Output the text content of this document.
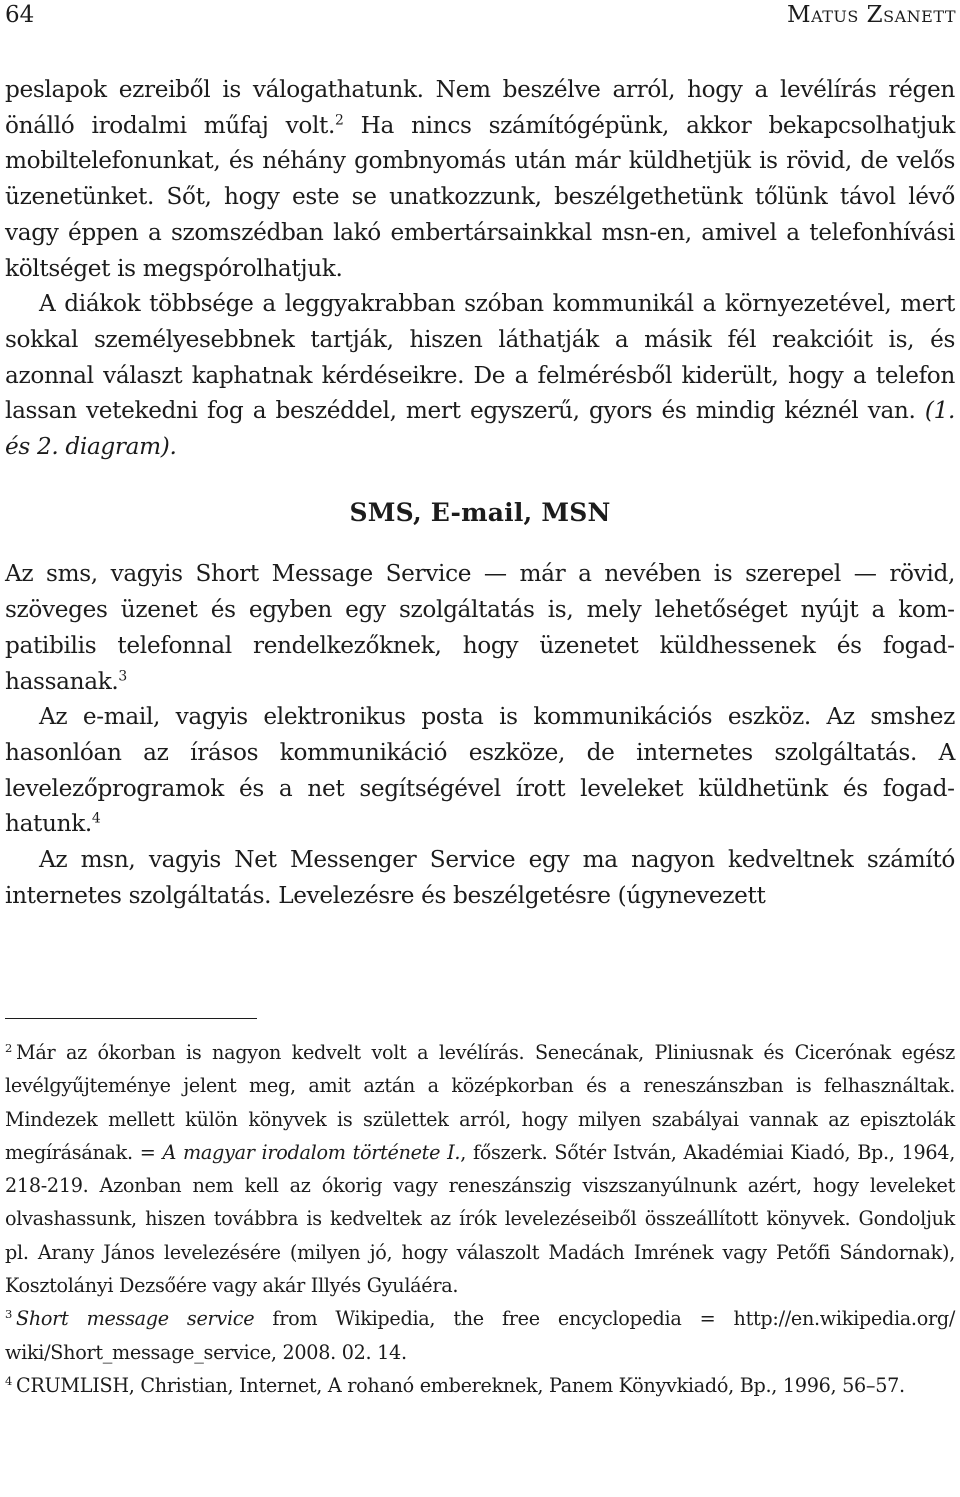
64	Matus Zsanett

peslapok ezreiből is válogathatunk. Nem beszélve arról, hogy a levélírás régen önálló irodalmi műfaj volt.$^2$ Ha nincs számítógépünk, akkor bekapcsolhatjuk mobiltelefonunkat, és néhány gombnyomás után már küldhetjük is rövid, de velős üzenetünket. Sőt, hogy este se unatkozzunk, beszélgethetünk tőlünk távol lévő vagy éppen a szomszédban lakó embertársainkkal msn-en, amivel a telefonhívási költséget is megspórolhatjuk.

A diákok többsége a leggyakrabban szóban kommunikál a környezetével, mert sokkal személyesebbnek tartják, hiszen láthatják a másik fél reakcióit is, és azonnal választ kaphatnak kérdéseikre. De a felmérésből kiderült, hogy a telefon lassan vetekedni fog a beszéddel, mert egyszerű, gyors és mindig kéznél van. (1. és 2. diagram).

SMS, E-mail, MSN

Az sms, vagyis Short Message Service — már a nevében is szerepel — rövid, szöveges üzenet és egyben egy szolgáltatás is, mely lehetőséget nyújt a kompatibilis telefonnal rendelkezőknek, hogy üzenetet küldhessenek és fogadhassanak.$^3$

Az e-mail, vagyis elektronikus posta is kommunikációs eszköz. Az smshez hasonlóan az írásos kommunikáció eszköze, de internetes szolgáltatás. A levelezőprogramok és a net segítségével írott leveleket küldhetünk és fogadhatunk.$^4$

Az msn, vagyis Net Messenger Service egy ma nagyon kedveltnek számító internetes szolgáltatás. Levelezésre és beszélgetésre (úgynevezett

$^2$ Már az ókorban is nagyon kedvelt volt a levélírás. Senecának, Pliniusnak és Cicerónak egész levélgyűjteménye jelent meg, amit aztán a középkorban és a reneszánszban is felhasználtak. Mindezek mellett külön könyvek is születtek arról, hogy milyen szabályai vannak az episztolák megírásának. = A magyar irodalom története I., főszerk. Sőtér István, Akadémiai Kiadó, Bp., 1964, 218-219. Azonban nem kell az ókorig vagy reneszánszig viszszanyúlnunk azért, hogy leveleket olvashassunk, hiszen továbbra is kedveltek az írók levelezéseiből összeállított könyvek. Gondoljuk pl. Arany János levelezésére (milyen jó, hogy válaszolt Madách Imrének vagy Petőfi Sándornak), Kosztolányi Dezsőére vagy akár Illyés Gyuláéra.

$^3$ Short message service from Wikipedia, the free encyclopedia = http://en.wikipedia.org/ wiki/Short_message_service, 2008. 02. 14.

$^4$ CRUMLISH, Christian, Internet, A rohanó embereknek, Panem Könyvkiadó, Bp., 1996, 56–57.
